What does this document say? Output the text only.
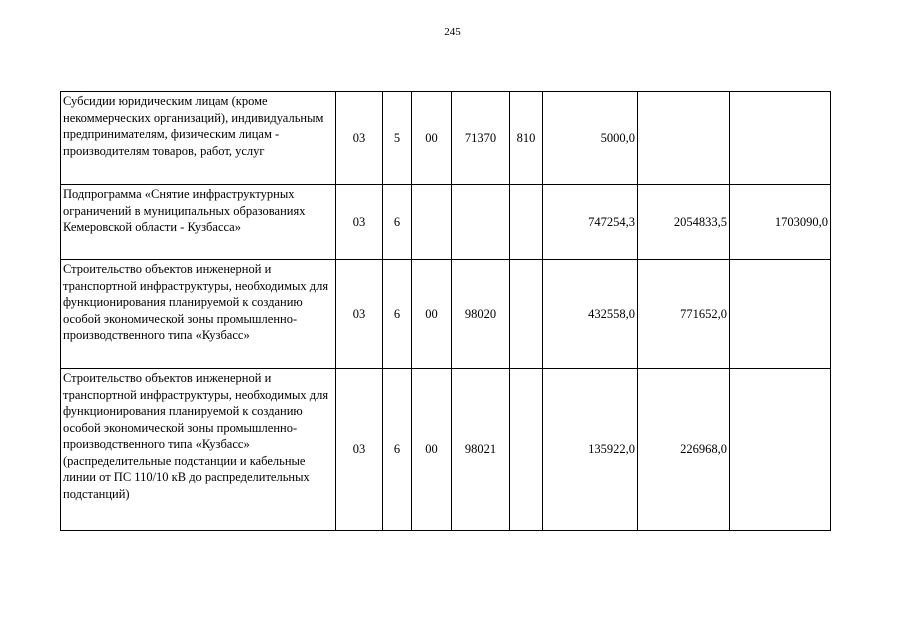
245
Субсидии юридическим лицам (кроме некоммерческих организаций), индивидуальным предпринимателям, физическим лицам - производителям товаров, работ, услуг	03	5	00	71370	810	5000,0		
Подпрограмма «Снятие инфраструктурных ограничений в муниципальных образованиях Кемеровской области - Кузбасса»	03	6				747254,3	2054833,5	1703090,0
Строительство объектов инженерной и транспортной инфраструктуры, необходимых для функционирования планируемой к созданию особой экономической зоны промышленно-производственного типа «Кузбасс»	03	6	00	98020		432558,0	771652,0	
Строительство объектов инженерной и транспортной инфраструктуры, необходимых для функционирования планируемой к созданию особой экономической зоны промышленно-производственного типа «Кузбасс» (распределительные подстанции и кабельные линии от ПС 110/10 кВ до распределительных подстанций)	03	6	00	98021		135922,0	226968,0	
